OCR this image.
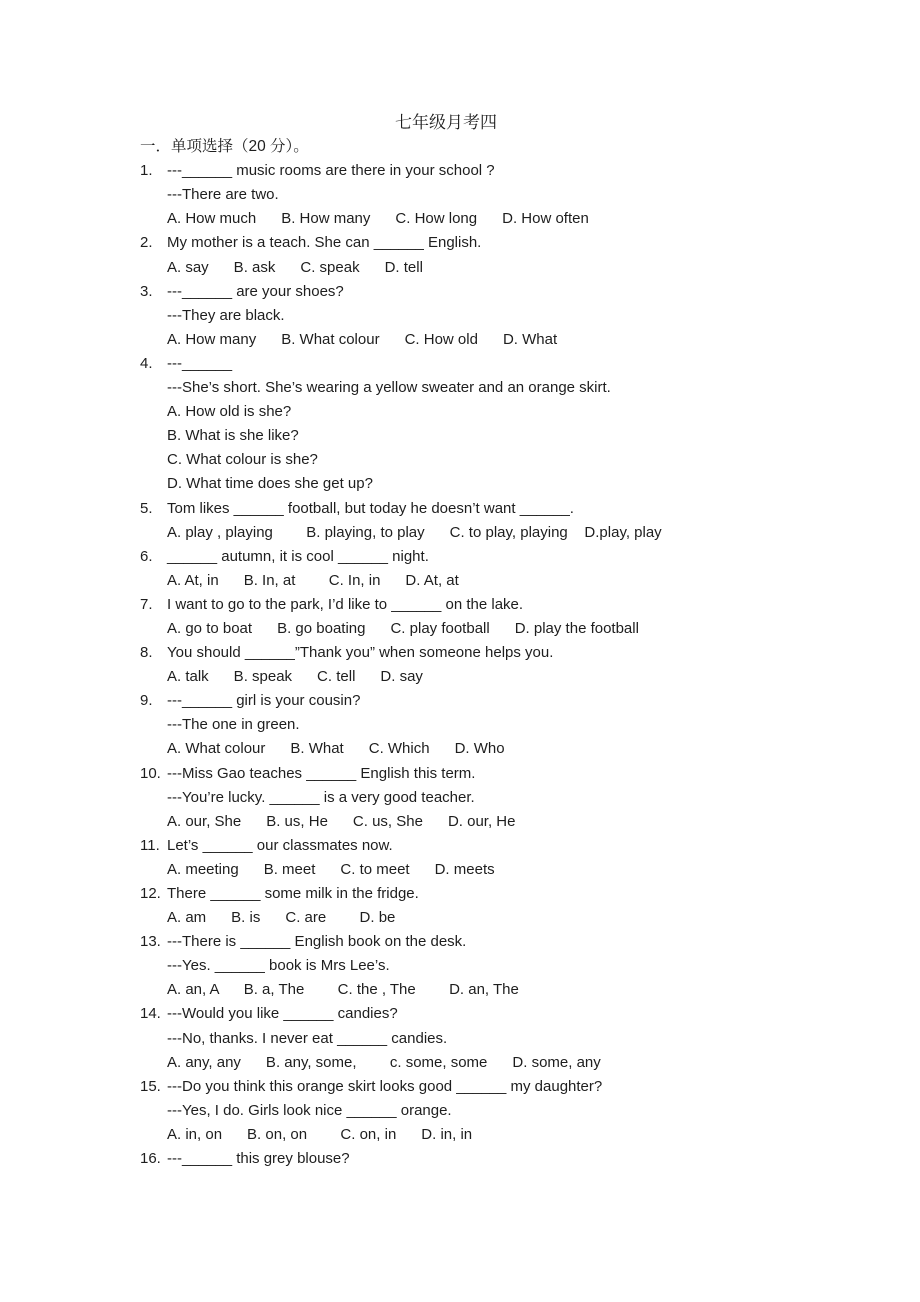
七年级月考四
一．单项选择（20 分）。
1. ---______ music rooms are there in your school ?
---There are two.
A. How much      B. How many      C. How long      D. How often
2. My mother is a teach. She can ______ English.
A. say      B. ask      C. speak      D. tell
3. ---______ are your shoes?
---They are black.
A. How many      B. What colour      C. How old      D. What
4. ---______
---She’s short. She’s wearing a yellow sweater and an orange skirt.
A. How old is she?
B. What is she like?
C. What colour is she?
D. What time does she get up?
5. Tom likes ______ football, but today he doesn’t want ______.
A. play , playing        B. playing, to play      C. to play, playing    D.play, play
6. ______ autumn, it is cool ______ night.
A. At, in      B. In, at        C. In, in      D. At, at
7. I want to go to the park, I’d like to ______ on the lake.
A. go to boat      B. go boating      C. play football      D. play the football
8. You should ______”Thank you” when someone helps you.
A. talk      B. speak      C. tell      D. say
9. ---______ girl is your cousin?
---The one in green.
A. What colour      B. What      C. Which      D. Who
10. ---Miss Gao teaches ______ English this term.
---You’re lucky. ______ is a very good teacher.
A. our, She      B. us, He      C. us, She      D. our, He
11. Let’s ______ our classmates now.
A. meeting      B. meet      C. to meet      D. meets
12. There ______ some milk in the fridge.
A. am      B. is      C. are        D. be
13. ---There is ______ English book on the desk.
---Yes. ______ book is Mrs Lee’s.
A. an, A      B. a, The        C. the , The        D. an, The
14. ---Would you like ______ candies?
---No, thanks. I never eat ______ candies.
A. any, any      B. any, some,        c. some, some      D. some, any
15. ---Do you think this orange skirt looks good ______ my daughter?
---Yes, I do. Girls look nice ______ orange.
A. in, on      B. on, on        C. on, in      D. in, in
16. ---______ this grey blouse?
